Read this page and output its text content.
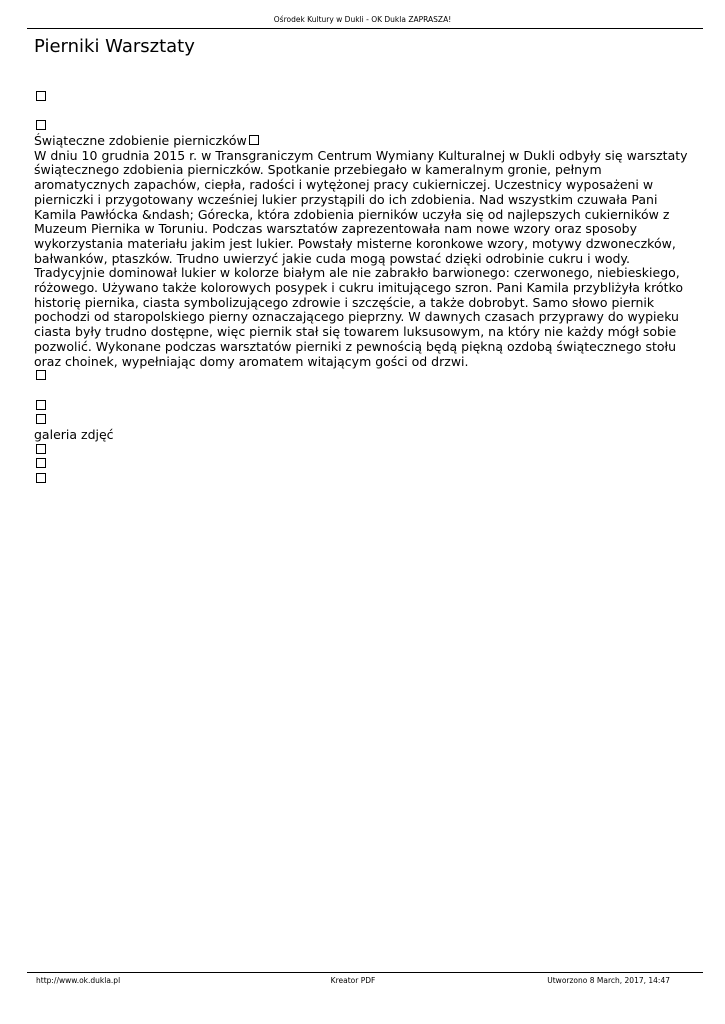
Ośrodek Kultury w Dukli - OK Dukla ZAPRASZA!
Pierniki Warsztaty
Świąteczne zdobienie pierniczków

W dniu 10 grudnia 2015 r. w Transgraniczym Centrum Wymiany Kulturalnej w Dukli odbyły się warsztaty
świątecznego zdobienia pierniczków. Spotkanie przebiegało w kameralnym gronie, pełnym
aromatycznych zapachów, ciepła, radości i wytężonej pracy cukierniczej. Uczestnicy wyposażeni w
pierniczki i przygotowany wcześniej lukier przystąpili do ich zdobienia. Nad wszystkim czuwała Pani
Kamila Pawłócka &ndash; Górecka, która zdobienia pierników uczyła się od najlepszych cukierników z
Muzeum Piernika w Toruniu. Podczas warsztatów zaprezentowała nam nowe wzory oraz sposoby
wykorzystania materiału jakim jest lukier. Powstały misterne koronkowe wzory, motywy dzwoneczków,
bałwanków, ptaszków. Trudno uwierzyć jakie cuda mogą powstać dzięki odrobinie cukru i wody.
Tradycyjnie dominował lukier w kolorze białym ale nie zabrakło barwionego: czerwonego, niebieskiego,
różowego. Używano także kolorowych posypek i cukru imitującego szron. Pani Kamila przybliżyła krótko
historię piernika, ciasta symbolizującego zdrowie i szczęście, a także dobrobyt. Samo słowo piernik
pochodzi od staropolskiego pierny oznaczającego pieprzny. W dawnych czasach przyprawy do wypieku
ciasta były trudno dostępne, więc piernik stał się towarem luksusowym, na który nie każdy mógł sobie
pozwolić. Wykonane podczas warsztatów pierniki z pewnością będą piękną ozdobą świątecznego stołu
oraz choinek, wypełniając domy aromatem witającym gości od drzwi.

galeria zdjęć
http://www.ok.dukla.pl	Kreator PDF	Utworzono 8 March, 2017, 14:47
